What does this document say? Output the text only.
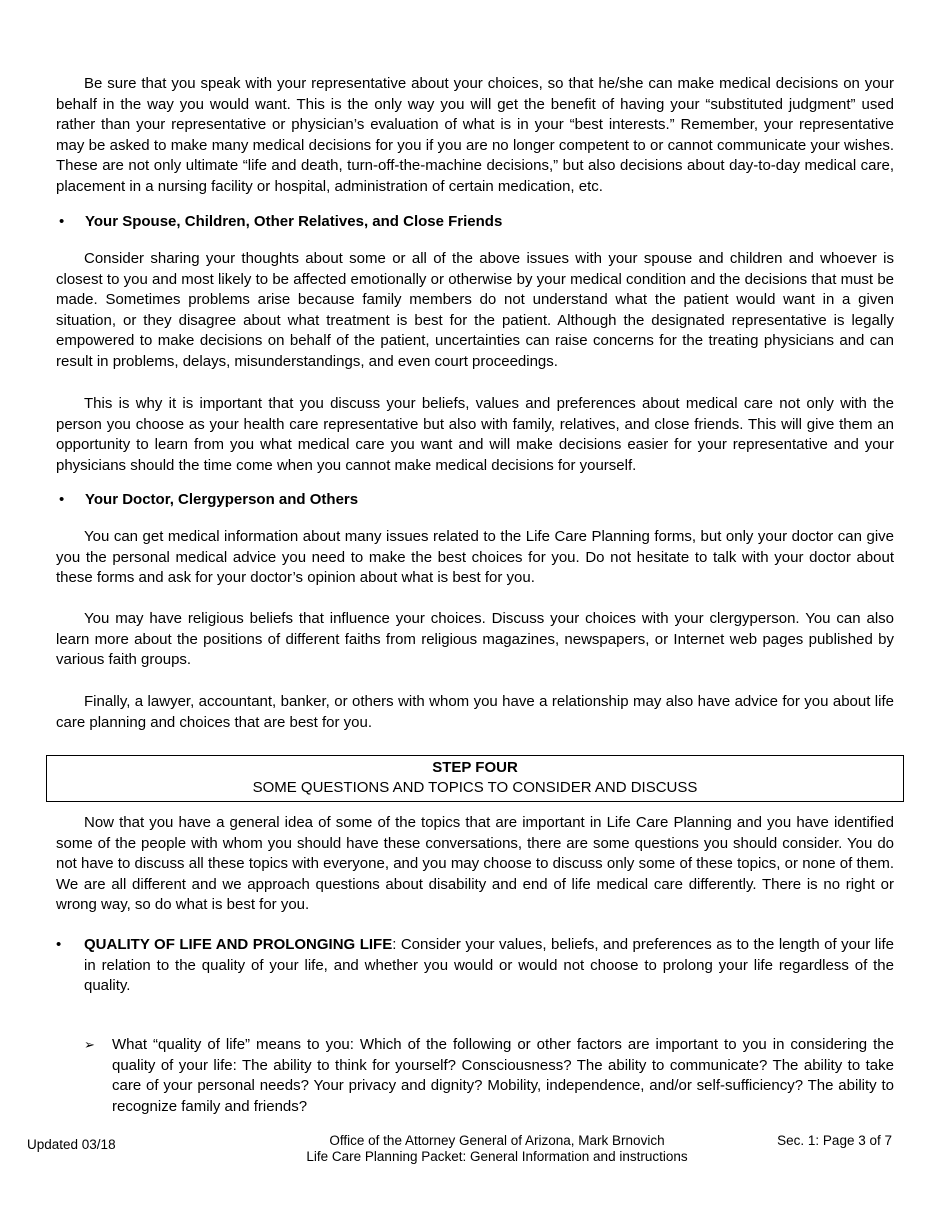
Be sure that you speak with your representative about your choices, so that he/she can make medical decisions on your behalf in the way you would want. This is the only way you will get the benefit of having your “substituted judgment” used rather than your representative or physician’s evaluation of what is in your “best interests.” Remember, your representative may be asked to make many medical decisions for you if you are no longer competent to or cannot communicate your wishes. These are not only ultimate “life and death, turn-off-the-machine decisions,” but also decisions about day-to-day medical care, placement in a nursing facility or hospital, administration of certain medication, etc.

• Your Spouse, Children, Other Relatives, and Close Friends

Consider sharing your thoughts about some or all of the above issues with your spouse and children and whoever is closest to you and most likely to be affected emotionally or otherwise by your medical condition and the decisions that must be made. Sometimes problems arise because family members do not understand what the patient would want in a given situation, or they disagree about what treatment is best for the patient. Although the designated representative is legally empowered to make decisions on behalf of the patient, uncertainties can raise concerns for the treating physicians and can result in problems, delays, misunderstandings, and even court proceedings.

This is why it is important that you discuss your beliefs, values and preferences about medical care not only with the person you choose as your health care representative but also with family, relatives, and close friends. This will give them an opportunity to learn from you what medical care you want and will make decisions easier for your representative and your physicians should the time come when you cannot make medical decisions for yourself.

• Your Doctor, Clergyperson and Others

You can get medical information about many issues related to the Life Care Planning forms, but only your doctor can give you the personal medical advice you need to make the best choices for you. Do not hesitate to talk with your doctor about these forms and ask for your doctor’s opinion about what is best for you.

You may have religious beliefs that influence your choices. Discuss your choices with your clergyperson. You can also learn more about the positions of different faiths from religious magazines, newspapers, or Internet web pages published by various faith groups.

Finally, a lawyer, accountant, banker, or others with whom you have a relationship may also have advice for you about life care planning and choices that are best for you.

STEP FOUR
SOME QUESTIONS AND TOPICS TO CONSIDER AND DISCUSS

Now that you have a general idea of some of the topics that are important in Life Care Planning and you have identified some of the people with whom you should have these conversations, there are some questions you should consider. You do not have to discuss all these topics with everyone, and you may choose to discuss only some of these topics, or none of them. We are all different and we approach questions about disability and end of life medical care differently. There is no right or wrong way, so do what is best for you.

• QUALITY OF LIFE AND PROLONGING LIFE: Consider your values, beliefs, and preferences as to the length of your life in relation to the quality of your life, and whether you would or would not choose to prolong your life regardless of the quality.

➢ What “quality of life” means to you: Which of the following or other factors are important to you in considering the quality of your life: The ability to think for yourself? Consciousness? The ability to communicate? The ability to take care of your personal needs? Your privacy and dignity? Mobility, independence, and/or self-sufficiency? The ability to recognize family and friends?

Updated 03/18	Office of the Attorney General of Arizona, Mark Brnovich
Life Care Planning Packet: General Information and instructions
Sec. 1: Page 3 of 7
